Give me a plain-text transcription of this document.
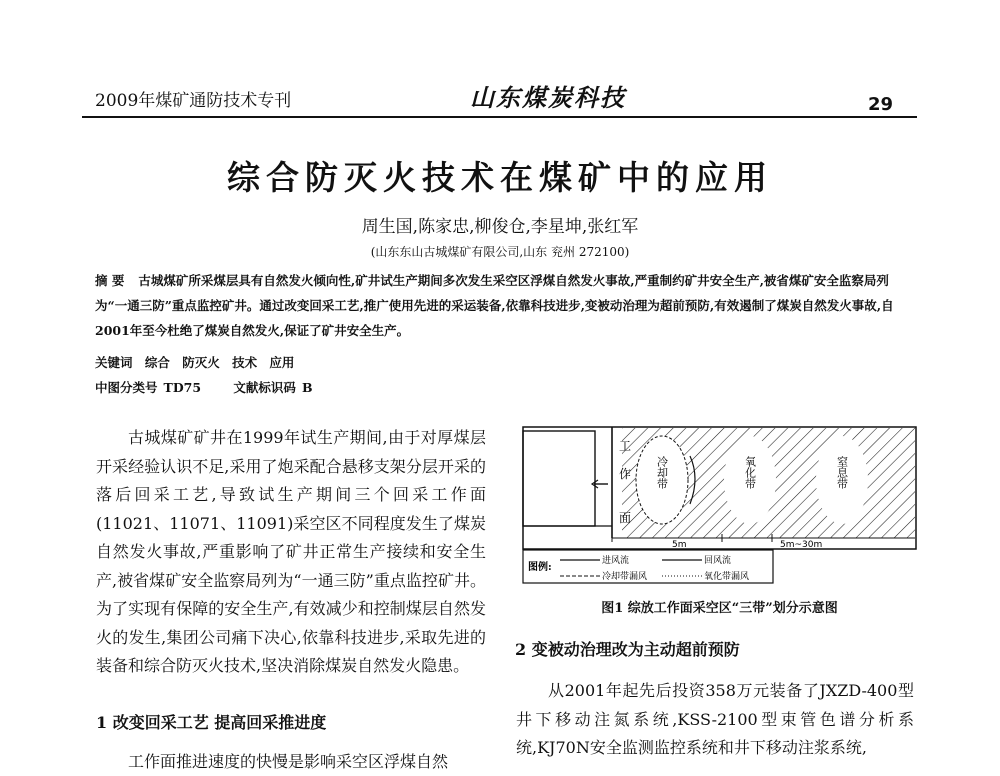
2009年煤矿通防技术专刊	山东煤炭科技	29
综合防灭火技术在煤矿中的应用
周生国,陈家忠,柳俊仓,李星坤,张红军
(山东东山古城煤矿有限公司,山东 兖州 272100)
摘 要 古城煤矿所采煤层具有自然发火倾向性,矿井试生产期间多次发生采空区浮煤自然发火事故,严重制约矿井安全生产,被省煤矿安全监察局列为“一通三防”重点监控矿井。通过改变回采工艺,推广使用先进的采运装备,依靠科技进步,变被动治理为超前预防,有效遏制了煤炭自然发火事故,自2001年至今杜绝了煤炭自然发火,保证了矿井安全生产。
关键词 综合 防灭火 技术 应用
中图分类号 TD75	文献标识码 B

古城煤矿矿井在1999年试生产期间,由于对厚煤层开采经验认识不足,采用了炮采配合悬移支架分层开采的落后回采工艺,导致试生产期间三个回采工作面(11021、11071、11091)采空区不同程度发生了煤炭自然发火事故,严重影响了矿井正常生产接续和安全生产,被省煤矿安全监察局列为“一通三防”重点监控矿井。为了实现有保障的安全生产,有效减少和控制煤层自然发火的发生,集团公司痛下决心,依靠科技进步,采取先进的装备和综合防灭火技术,坚决消除煤炭自然发火隐患。

1 改变回采工艺 提高回采推进度
工作面推进速度的快慢是影响采空区浮煤自然
工
作
面
冷却带	氧化带	窒息带
5m	5m~30m
图例:
进风流	回风流
冷却带漏风	氧化带漏风
图1 综放工作面采空区“三带”划分示意图
2 变被动治理改为主动超前预防

从2001年起先后投资358万元装备了JXZD-400型井下移动注氮系统,KSS-2100型束管色谱分析系统,KJ70N安全监测监控系统和井下移动注浆系统,
